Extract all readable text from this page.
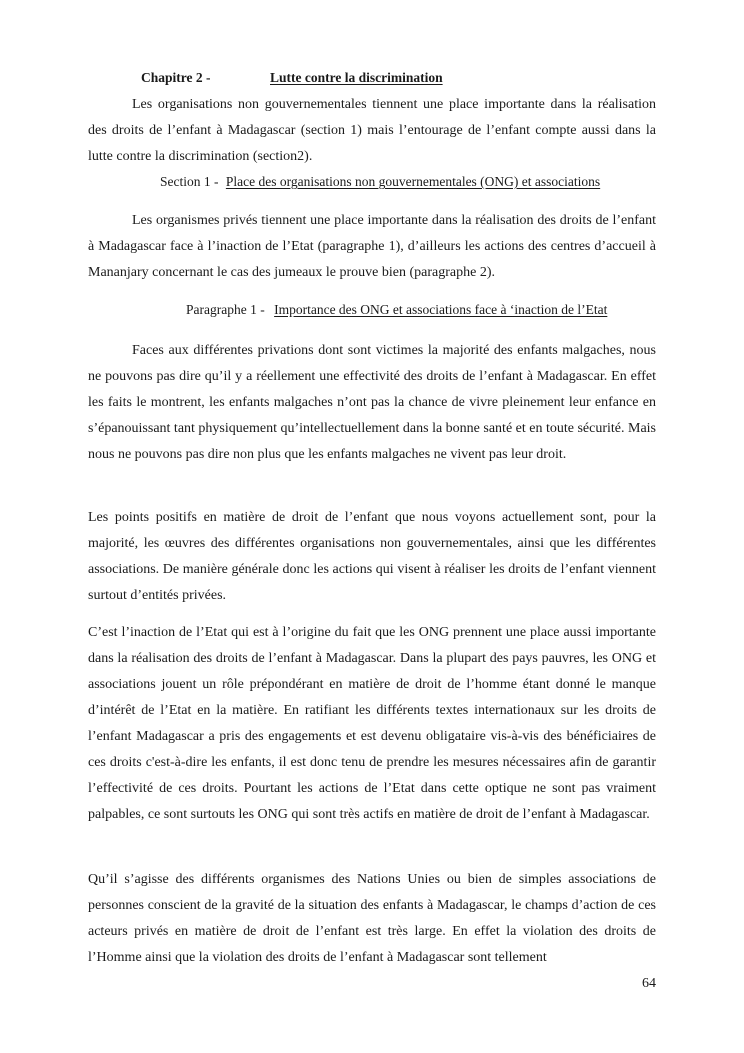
Chapitre 2 -	Lutte contre la discrimination

Les organisations non gouvernementales tiennent une place importante dans la réalisation des droits de l’enfant à Madagascar (section 1) mais l’entourage de l’enfant compte aussi dans la lutte contre la discrimination (section2).

Section 1 - Place des organisations non gouvernementales (ONG) et associations

Les organismes privés tiennent une place importante dans la réalisation des droits de l’enfant à Madagascar face à l’inaction de l’Etat (paragraphe 1), d’ailleurs les actions des centres d’accueil à Mananjary concernant le cas des jumeaux le prouve bien (paragraphe 2).

Paragraphe 1 - Importance des ONG et associations face à ‘inaction de l’Etat

Faces aux différentes privations dont sont victimes la majorité des enfants malgaches, nous ne pouvons pas dire qu’il y a réellement une effectivité des droits de l’enfant à Madagascar. En effet les faits le montrent, les enfants malgaches n’ont pas la chance de vivre pleinement leur enfance en s’épanouissant tant physiquement qu’intellectuellement dans la bonne santé et en toute sécurité. Mais nous ne pouvons pas dire non plus que les enfants malgaches ne vivent pas leur droit.

Les points positifs en matière de droit de l’enfant que nous voyons actuellement sont, pour la majorité, les œuvres des différentes organisations non gouvernementales, ainsi que les différentes associations. De manière générale donc les actions qui visent à réaliser les droits de l’enfant viennent surtout d’entités privées.

C’est l’inaction de l’Etat qui est à l’origine du fait que les ONG prennent une place aussi importante dans la réalisation des droits de l’enfant à Madagascar. Dans la plupart des pays pauvres, les ONG et associations jouent un rôle prépondérant en matière de droit de l’homme étant donné le manque d’intérêt de l’Etat en la matière. En ratifiant les différents textes internationaux sur les droits de l’enfant Madagascar a pris des engagements et est devenu obligataire vis-à-vis des bénéficiaires de ces droits c'est-à-dire les enfants, il est donc tenu de prendre les mesures nécessaires afin de garantir l’effectivité de ces droits. Pourtant les actions de l’Etat dans cette optique ne sont pas vraiment palpables, ce sont surtouts les ONG qui sont très actifs en matière de droit de l’enfant à Madagascar.

Qu’il s’agisse des différents organismes des Nations Unies ou bien de simples associations de personnes conscient de la gravité de la situation des enfants à Madagascar, le champs d’action de ces acteurs privés en matière de droit de l’enfant est très large. En effet la violation des droits de l’Homme ainsi que la violation des droits de l’enfant à Madagascar sont tellement

64
